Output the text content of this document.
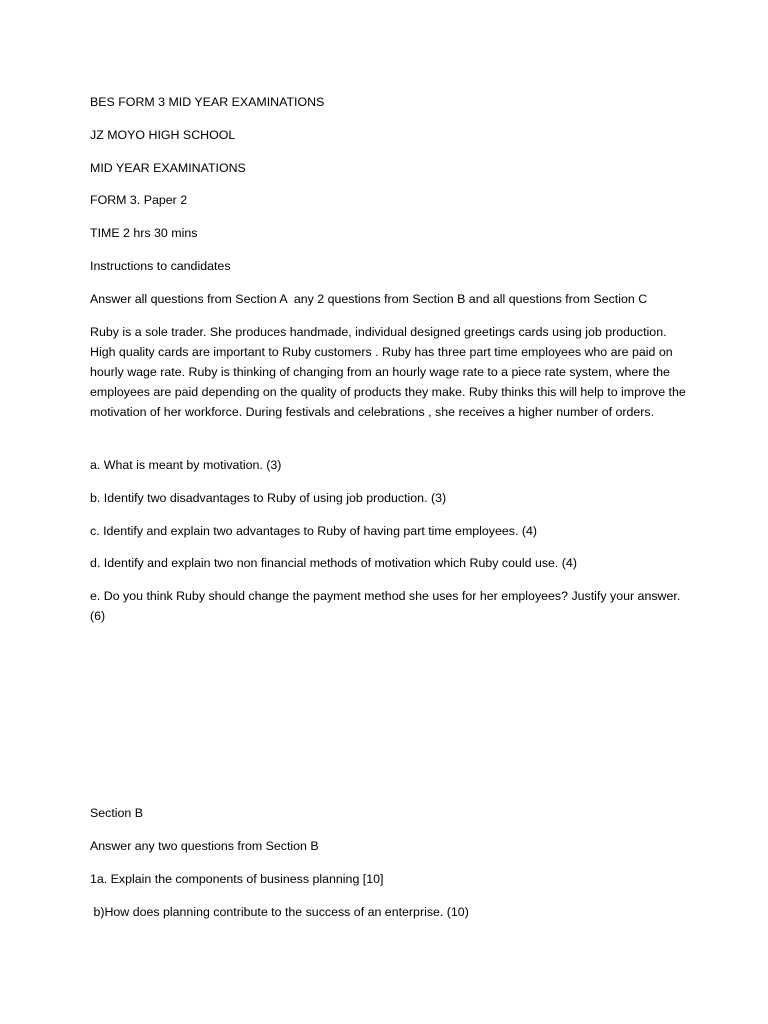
BES FORM 3 MID YEAR EXAMINATIONS

JZ MOYO HIGH SCHOOL

MID YEAR EXAMINATIONS

FORM 3. Paper 2

TIME 2 hrs 30 mins

Instructions to candidates

Answer all questions from Section A  any 2 questions from Section B and all questions from Section C

Ruby is a sole trader. She produces handmade, individual designed greetings cards using job production. High quality cards are important to Ruby customers . Ruby has three part time employees who are paid on hourly wage rate. Ruby is thinking of changing from an hourly wage rate to a piece rate system, where the employees are paid depending on the quality of products they make. Ruby thinks this will help to improve the motivation of her workforce. During festivals and celebrations , she receives a higher number of orders.

a. What is meant by motivation. (3)

b. Identify two disadvantages to Ruby of using job production. (3)

c. Identify and explain two advantages to Ruby of having part time employees. (4)

d. Identify and explain two non financial methods of motivation which Ruby could use. (4)

e. Do you think Ruby should change the payment method she uses for her employees? Justify your answer. (6)

Section B

Answer any two questions from Section B

1a. Explain the components of business planning [10]

b)How does planning contribute to the success of an enterprise. (10)
